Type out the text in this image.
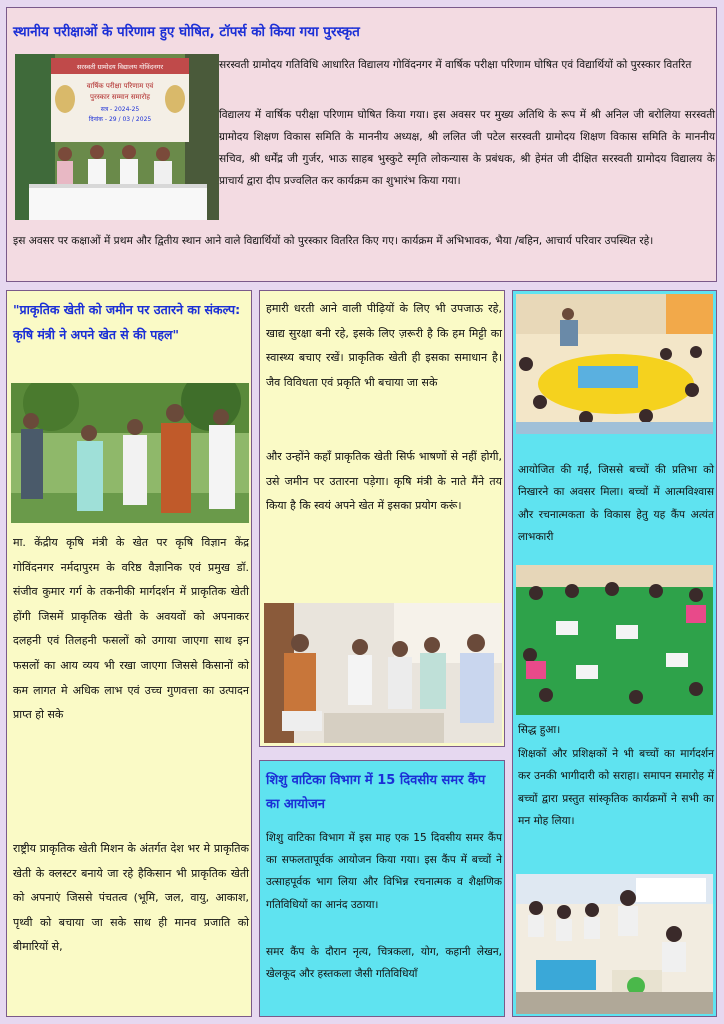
स्थानीय परीक्षाओं के परिणाम हुए घोषित, टॉपर्स को किया गया पुरस्कृत
सरस्वती ग्रामोदय विद्यालय गोविंदनगर
वार्षिक परीक्षा परिणाम एवं
पुरस्कार सम्मान समारोह
सत्र - 2024-25
दिनांक - 29 / 03 / 2025
सरस्वती ग्रामोदय गतिविधि आधारित विद्यालय गोविंदनगर में वार्षिक परीक्षा परिणाम घोषित एवं विद्यार्थियों को पुरस्कार वितरित
विद्यालय में वार्षिक परीक्षा परिणाम घोषित किया गया। इस अवसर पर मुख्य अतिथि के रूप में श्री अनिल जी बरोलिया सरस्वती ग्रामोदय शिक्षण विकास समिति के माननीय अध्यक्ष, श्री ललित जी पटेल सरस्वती ग्रामोदय शिक्षण विकास समिति के माननीय सचिव, श्री धर्मेंद्र जी गुर्जर, भाऊ साहब भुस्कुटे स्मृति लोकन्यास के प्रबंधक, श्री हेमंत जी दीक्षित सरस्वती ग्रामोदय विद्यालय के प्राचार्य द्वारा दीप प्रज्वलित कर कार्यक्रम का शुभारंभ किया गया।
इस अवसर पर कक्षाओं में प्रथम और द्वितीय स्थान आने वाले विद्यार्थियों को पुरस्कार वितरित किए गए। कार्यक्रम में अभिभावक, भैया /बहिन, आचार्य परिवार उपस्थित रहे।
"प्राकृतिक खेती को जमीन पर उतारने का संकल्प: कृषि मंत्री ने अपने खेत से की पहल"
मा. केंद्रीय कृषि मंत्री के खेत पर कृषि विज्ञान केंद्र गोविंदनगर नर्मदापुरम के वरिष्ठ वैज्ञानिक एवं प्रमुख डॉ. संजीव कुमार गर्ग के तकनीकी मार्गदर्शन में प्राकृतिक खेती होंगी जिसमें प्राकृतिक खेती के अवयवों को अपनाकर दलहनी एवं तिलहनी फसलों को उगाया जाएगा साथ इन फसलों का आय व्यय भी रखा जाएगा जिससे किसानों को कम लागत मे अधिक लाभ एवं उच्च गुणवत्ता का उत्पादन प्राप्त हो सके
राष्ट्रीय प्राकृतिक खेती मिशन के अंतर्गत देश भर मे प्राकृतिक खेती के क्लस्टर बनाये जा रहे हैकिसान भी प्राकृतिक खेती को अपनाएं जिससे पंचतत्व (भूमि, जल, वायु, आकाश, पृथ्वी को बचाया जा सके साथ ही मानव प्रजाति को बीमारियों से,
हमारी धरती आने वाली पीढ़ियों के लिए भी उपजाऊ रहे, खाद्य सुरक्षा बनी रहे, इसके लिए ज़रूरी है कि हम मिट्टी का स्वास्थ्य बचाए रखें। प्राकृतिक खेती ही इसका समाधान है। जैव विविधता एवं प्रकृति भी बचाया जा सके
और उन्होंने कहाँ प्राकृतिक खेती सिर्फ भाषणों से नहीं होगी, उसे जमीन पर उतारना पड़ेगा। कृषि मंत्री के नाते मैंने तय किया है कि स्वयं अपने खेत में इसका प्रयोग करूं।
शिशु वाटिका विभाग में 15 दिवसीय समर कैंप का आयोजन
शिशु वाटिका विभाग में इस माह एक 15 दिवसीय समर कैंप का सफलतापूर्वक आयोजन किया गया। इस कैंप में बच्चों ने उत्साहपूर्वक भाग लिया और विभिन्न रचनात्मक व शैक्षणिक गतिविधियों का आनंद उठाया।
समर कैंप के दौरान नृत्य, चित्रकला, योग, कहानी लेखन, खेलकूद और हस्तकला जैसी गतिविधियाँ
आयोजित की गईं, जिससे बच्चों की प्रतिभा को निखारने का अवसर मिला। बच्चों में आत्मविश्वास और रचनात्मकता के विकास हेतु यह कैंप अत्यंत लाभकारी
सिद्ध हुआ।
शिक्षकों और प्रशिक्षकों ने भी बच्चों का मार्गदर्शन कर उनकी भागीदारी को सराहा। समापन समारोह में बच्चों द्वारा प्रस्तुत सांस्कृतिक कार्यक्रमों ने सभी का मन मोह लिया।
